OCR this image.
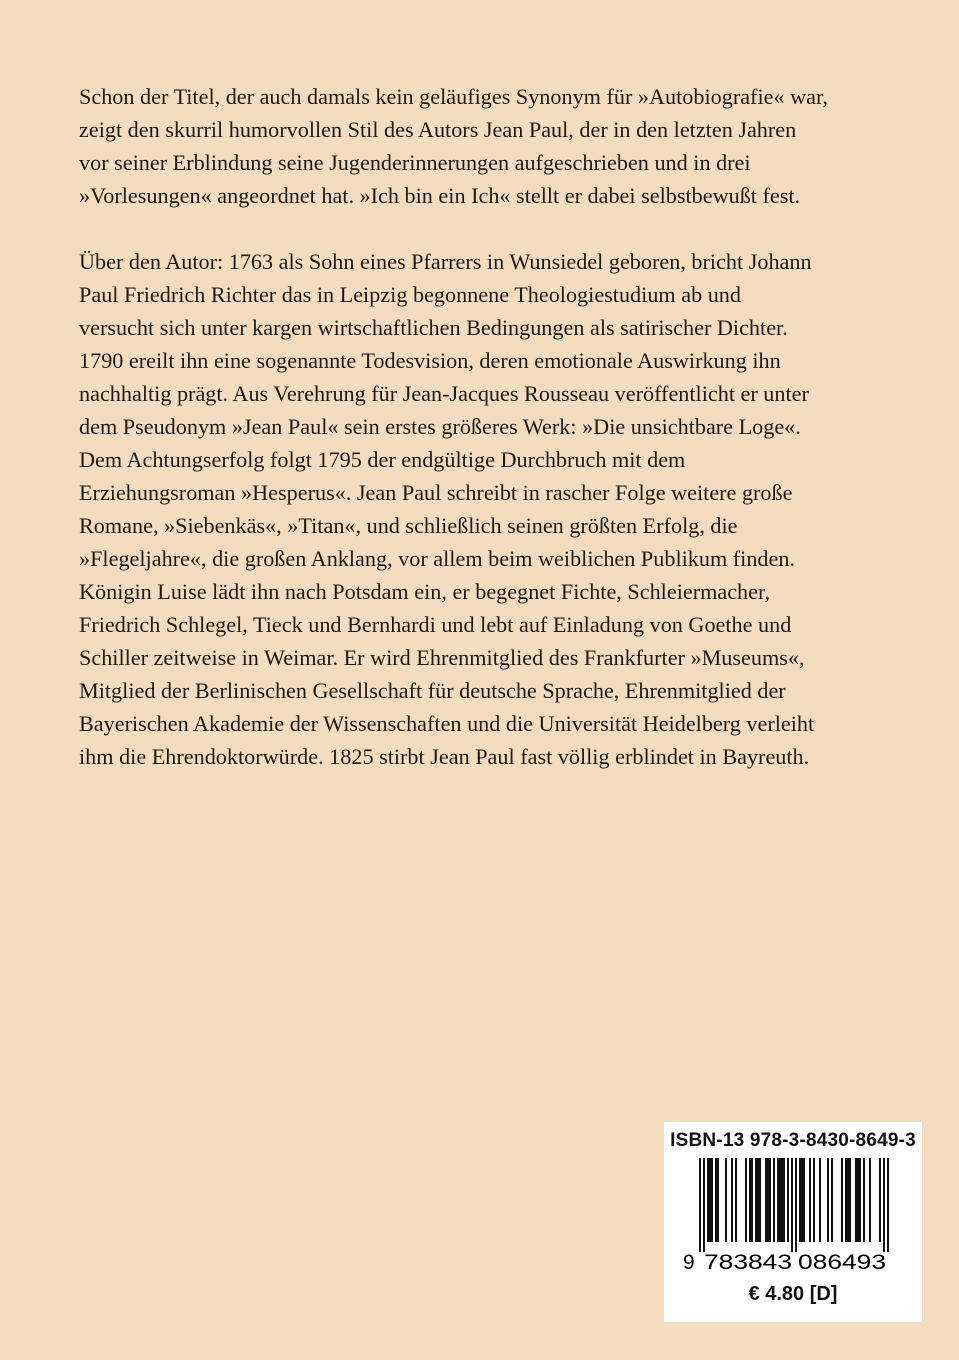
Schon der Titel, der auch damals kein geläufiges Synonym für »Autobiografie« war,
zeigt den skurril humorvollen Stil des Autors Jean Paul, der in den letzten Jahren
vor seiner Erblindung seine Jugenderinnerungen aufgeschrieben und in drei
»Vorlesungen« angeordnet hat. »Ich bin ein Ich« stellt er dabei selbstbewußt fest.
Über den Autor: 1763 als Sohn eines Pfarrers in Wunsiedel geboren, bricht Johann
Paul Friedrich Richter das in Leipzig begonnene Theologiestudium ab und
versucht sich unter kargen wirtschaftlichen Bedingungen als satirischer Dichter.
1790 ereilt ihn eine sogenannte Todesvision, deren emotionale Auswirkung ihn
nachhaltig prägt. Aus Verehrung für Jean-Jacques Rousseau veröffentlicht er unter
dem Pseudonym »Jean Paul« sein erstes größeres Werk: »Die unsichtbare Loge«.
Dem Achtungserfolg folgt 1795 der endgültige Durchbruch mit dem
Erziehungsroman »Hesperus«. Jean Paul schreibt in rascher Folge weitere große
Romane, »Siebenkäs«, »Titan«, und schließlich seinen größten Erfolg, die
»Flegeljahre«, die großen Anklang, vor allem beim weiblichen Publikum finden.
Königin Luise lädt ihn nach Potsdam ein, er begegnet Fichte, Schleiermacher,
Friedrich Schlegel, Tieck und Bernhardi und lebt auf Einladung von Goethe und
Schiller zeitweise in Weimar. Er wird Ehrenmitglied des Frankfurter »Museums«,
Mitglied der Berlinischen Gesellschaft für deutsche Sprache, Ehrenmitglied der
Bayerischen Akademie der Wissenschaften und die Universität Heidelberg verleiht
ihm die Ehrendoktorwürde. 1825 stirbt Jean Paul fast völlig erblindet in Bayreuth.
ISBN-13 978-3-8430-8649-3
9 783843 086493
€ 4.80 [D]
